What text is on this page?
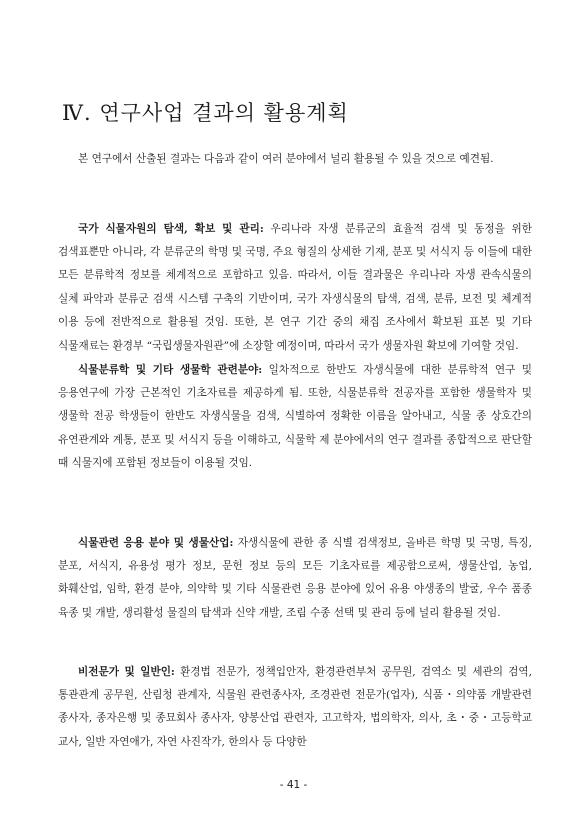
Ⅳ. 연구사업 결과의 활용계획

본 연구에서 산출된 결과는 다음과 같이 여러 분야에서 널리 활용될 수 있을 것으로 예견됨.

국가 식물자원의 탐색, 확보 및 관리: 우리나라 자생 분류군의 효율적 검색 및 동정을 위한 검색표뿐만 아니라, 각 분류군의 학명 및 국명, 주요 형질의 상세한 기재, 분포 및 서식지 등 이들에 대한 모든 분류학적 정보를 체계적으로 포함하고 있음. 따라서, 이들 결과물은 우리나라 자생 관속식물의 실체 파악과 분류군 검색 시스템 구축의 기반이며, 국가 자생식물의 탐색, 검색, 분류, 보전 및 체계적 이용 등에 전반적으로 활용될 것임. 또한, 본 연구 기간 중의 채집 조사에서 확보된 표본 및 기타 식물재료는 환경부 “국립생물자원관”에 소장할 예정이며, 따라서 국가 생물자원 확보에 기여할 것임.

식물분류학 및 기타 생물학 관련분야: 일차적으로 한반도 자생식물에 대한 분류학적 연구 및 응용연구에 가장 근본적인 기초자료를 제공하게 됨. 또한, 식물분류학 전공자를 포함한 생물학자 및 생물학 전공 학생들이 한반도 자생식물을 검색, 식별하여 정확한 이름을 알아내고, 식물 종 상호간의 유연관계와 계통, 분포 및 서식지 등을 이해하고, 식물학 제 분야에서의 연구 결과를 종합적으로 판단할 때 식물지에 포함된 정보들이 이용될 것임.

식물관련 응용 분야 및 생물산업: 자생식물에 관한 종 식별 검색정보, 올바른 학명 및 국명, 특징, 분포, 서식지, 유용성 평가 정보, 문헌 정보 등의 모든 기초자료를 제공함으로써, 생물산업, 농업, 화훼산업, 임학, 환경 분야, 의약학 및 기타 식물관련 응용 분야에 있어 유용 야생종의 발굴, 우수 품종 육종 및 개발, 생리활성 물질의 탐색과 신약 개발, 조림 수종 선택 및 관리 등에 널리 활용될 것임.

비전문가 및 일반인: 환경법 전문가, 정책입안자, 환경관련부처 공무원, 검역소 및 세관의 검역, 통관관계 공무원, 산림청 관계자, 식물원 관련종사자, 조경관련 전문가(업자), 식품・의약품 개발관련 종사자, 종자은행 및 종묘회사 종사자, 양봉산업 관련자, 고고학자, 법의학자, 의사, 초・중・고등학교 교사, 일반 자연애가, 자연 사진작가, 한의사 등 다양한

- 41 -
